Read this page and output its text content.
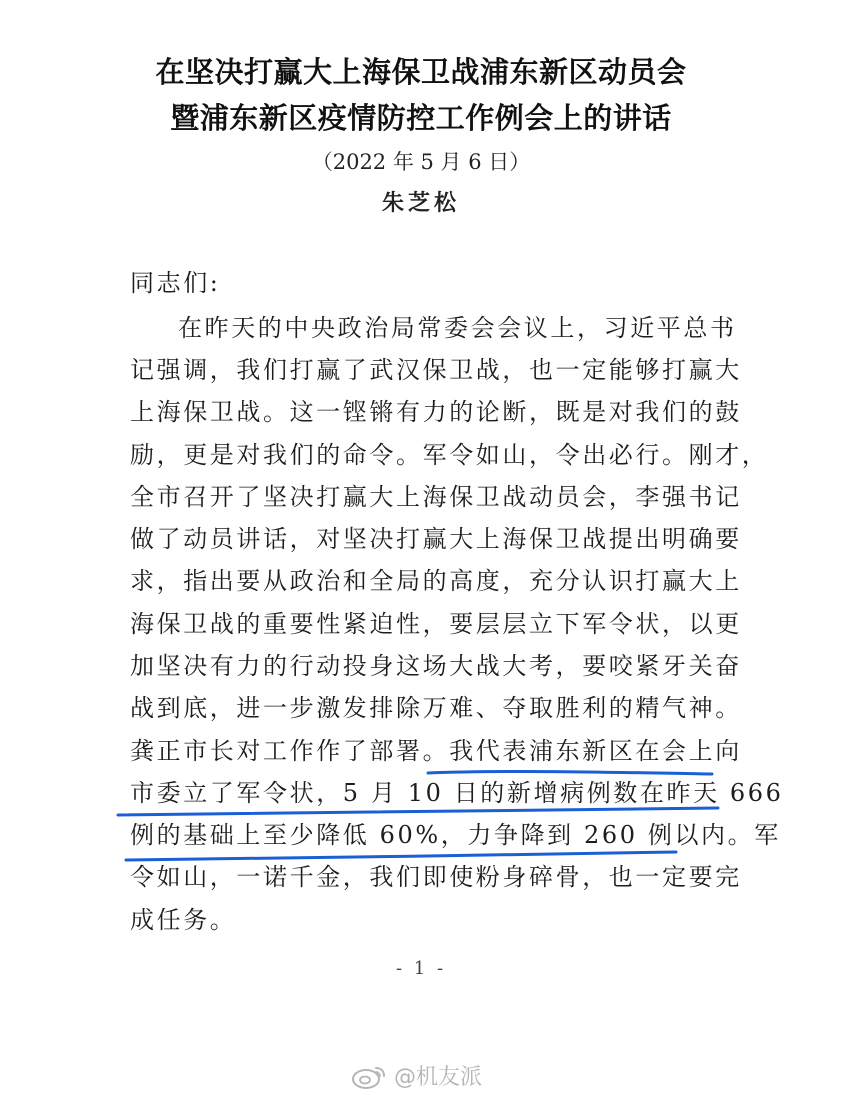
在坚决打赢大上海保卫战浦东新区动员会
暨浦东新区疫情防控工作例会上的讲话
（2022 年 5 月 6 日）
朱芝松
同志们:
在昨天的中央政治局常委会会议上，习近平总书
记强调，我们打赢了武汉保卫战，也一定能够打赢大
上海保卫战。这一铿锵有力的论断，既是对我们的鼓
励，更是对我们的命令。军令如山，令出必行。刚才，
全市召开了坚决打赢大上海保卫战动员会，李强书记
做了动员讲话，对坚决打赢大上海保卫战提出明确要
求，指出要从政治和全局的高度，充分认识打赢大上
海保卫战的重要性紧迫性，要层层立下军令状，以更
加坚决有力的行动投身这场大战大考，要咬紧牙关奋
战到底，进一步激发排除万难、夺取胜利的精气神。
龚正市长对工作作了部署。我代表浦东新区在会上向
市委立了军令状，5 月 10 日的新增病例数在昨天 666
例的基础上至少降低 60%，力争降到 260 例以内。军
令如山，一诺千金，我们即使粉身碎骨，也一定要完
成任务。
- 1 -
@机友派
